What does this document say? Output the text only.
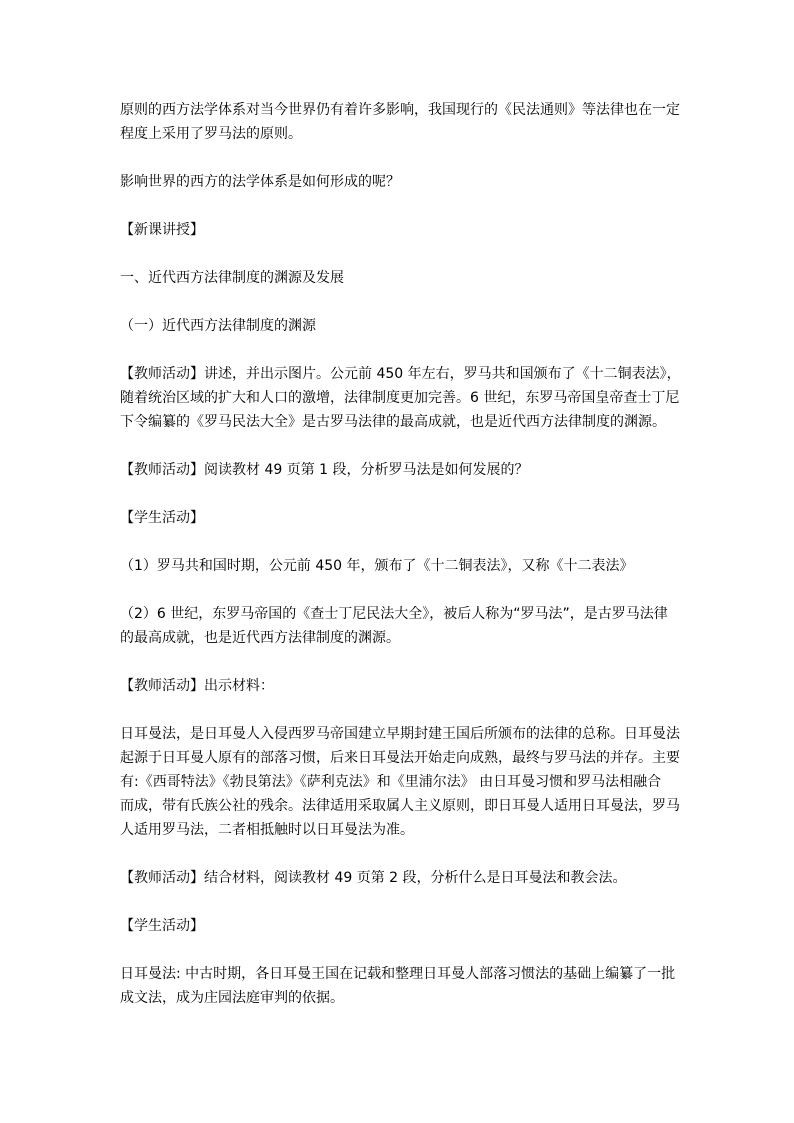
原则的西方法学体系对当今世界仍有着许多影响，我国现行的《民法通则》等法律也在一定
程度上采用了罗马法的原则。
影响世界的西方的法学体系是如何形成的呢？
【新课讲授】
一、近代西方法律制度的渊源及发展
（一）近代西方法律制度的渊源
【教师活动】讲述，并出示图片。公元前 450 年左右，罗马共和国颁布了《十二铜表法》，
随着统治区域的扩大和人口的激增，法律制度更加完善。6 世纪，东罗马帝国皇帝查士丁尼
下令编纂的《罗马民法大全》是古罗马法律的最高成就，也是近代西方法律制度的渊源。
【教师活动】阅读教材 49 页第 1 段，分析罗马法是如何发展的？
【学生活动】
（1）罗马共和国时期，公元前 450 年，颁布了《十二铜表法》，又称《十二表法》
（2）6 世纪，东罗马帝国的《查士丁尼民法大全》，被后人称为“罗马法”，是古罗马法律
的最高成就，也是近代西方法律制度的渊源。
【教师活动】出示材料：
日耳曼法，是日耳曼人入侵西罗马帝国建立早期封建王国后所颁布的法律的总称。日耳曼法
起源于日耳曼人原有的部落习惯，后来日耳曼法开始走向成熟，最终与罗马法的并存。主要
有:《西哥特法》《勃艮第法》《萨利克法》和《里浦尔法》 由日耳曼习惯和罗马法相融合
而成，带有氏族公社的残余。法律适用采取属人主义原则，即日耳曼人适用日耳曼法，罗马
人适用罗马法，二者相抵触时以日耳曼法为准。
【教师活动】结合材料，阅读教材 49 页第 2 段，分析什么是日耳曼法和教会法。
【学生活动】
日耳曼法: 中古时期，各日耳曼王国在记载和整理日耳曼人部落习惯法的基础上编纂了一批
成文法，成为庄园法庭审判的依据。
